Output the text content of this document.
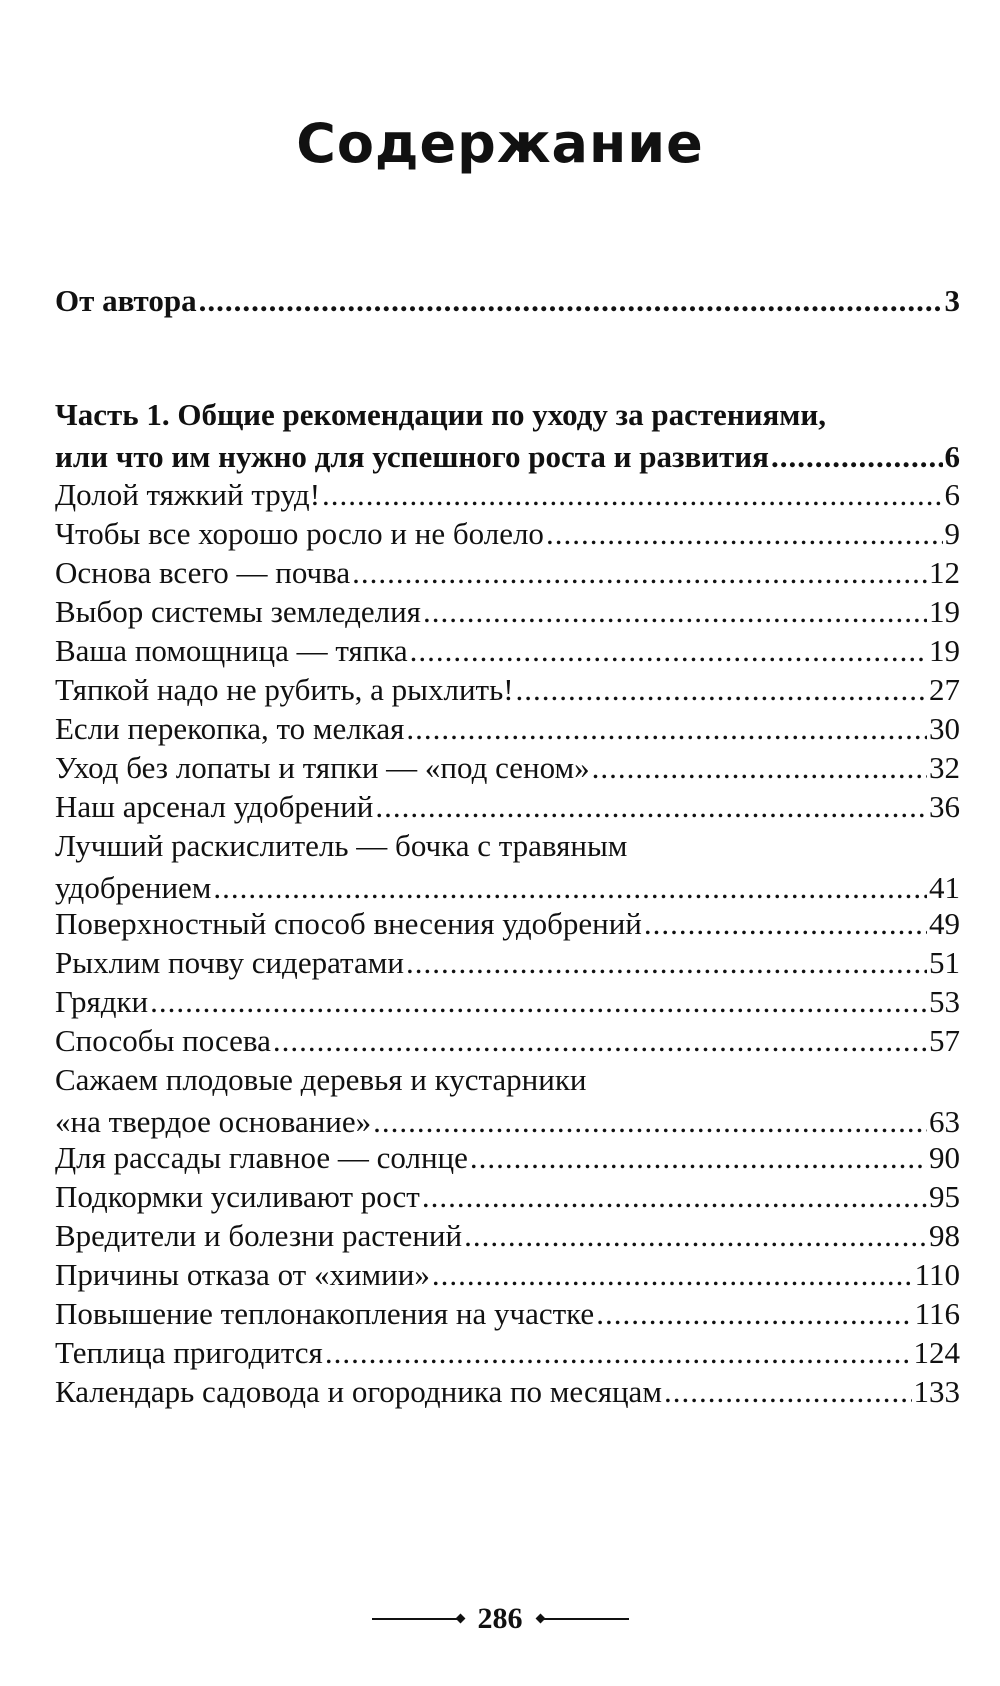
Содержание
От автора .....	3
Часть 1. Общие рекомендации по уходу за растениями,
или что им нужно для успешного роста и развития .....	6
Долой тяжкий труд! .....	6
Чтобы все хорошо росло и не болело .....	9
Основа всего — почва .....	12
Выбор системы земледелия .....	19
Ваша помощница — тяпка .....	19
Тяпкой надо не рубить, а рыхлить! .....	27
Если перекопка, то мелкая .....	30
Уход без лопаты и тяпки — «под сеном» .....	32
Наш арсенал удобрений .....	36
Лучший раскислитель — бочка с травяным
удобрением .....	41
Поверхностный способ внесения удобрений .....	49
Рыхлим почву сидератами .....	51
Грядки .....	53
Способы посева .....	57
Сажаем плодовые деревья и кустарники
«на твердое основание» .....	63
Для рассады главное — солнце .....	90
Подкормки усиливают рост .....	95
Вредители и болезни растений .....	98
Причины отказа от «химии» .....	110
Повышение теплонакопления на участке .....	116
Теплица пригодится .....	124
Календарь садовода и огородника по месяцам .....	133
286
